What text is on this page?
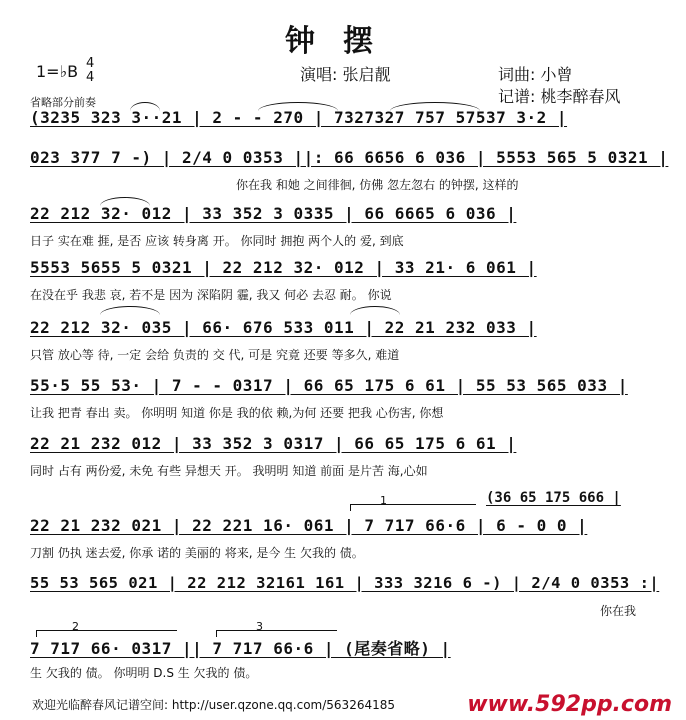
钟摆
1=♭B 4
4	演唱: 张启靓	词曲: 小曾
记谱: 桃李醉春风
省略部分前奏
1
2	3
(36 65 175 666 |
(3235 323 3··21 | 2 - - 270 | 7327327 757 57537 3·2 |
023 377 7 -) | 2/4 0 0353 ||: 66 6656 6 036 | 5553 565 5 0321 |
你在我 和她 之间徘徊, 仿佛 忽左忽右 的钟摆, 这样的
22 212 32· 012 | 33 352 3 0335 | 66 6665 6 036 |
日子 实在难 捱, 是否 应该 转身离 开。 你同时 拥抱 两个人的 爱, 到底
5553 5655 5 0321 | 22 212 32· 012 | 33 21· 6 061 |
在没在乎 我悲 哀, 若不是 因为 深陷阴 霾, 我又 何必 去忍 耐。 你说
22 212 32· 035 | 66· 676 533 011 | 22 21 232 033 |
只管 放心等 待, 一定 会给 负责的 交 代, 可是 究竟 还要 等多久, 难道
55·5 55 53· | 7 - - 0317 | 66 65 175 6 61 | 55 53 565 033 |
让我 把青 春出 卖。 你明明 知道 你是 我的依 赖,为何 还要 把我 心伤害, 你想
22 21 232 012 | 33 352 3 0317 | 66 65 175 6 61 |
同时 占有 两份爱, 未免 有些 异想天 开。 我明明 知道 前面 是片苦 海,心如
22 21 232 021 | 22 221 16· 061 | 7 717 66·6 | 6 - 0 0 |
刀割 仍执 迷去爱, 你承 诺的 美丽的 将来, 是今 生 欠我的 债。
55 53 565 021 | 22 212 32161 161 | 333 3216 6 -) | 2/4 0 0353 :|
你在我
7 717 66· 0317 || 7 717 66·6 | (尾奏省略) |
生 欠我的 债。 你明明 D.S 生 欠我的 债。
欢迎光临醉春风记谱空间: http://user.qzone.qq.com/563264185	www.592pp.com
